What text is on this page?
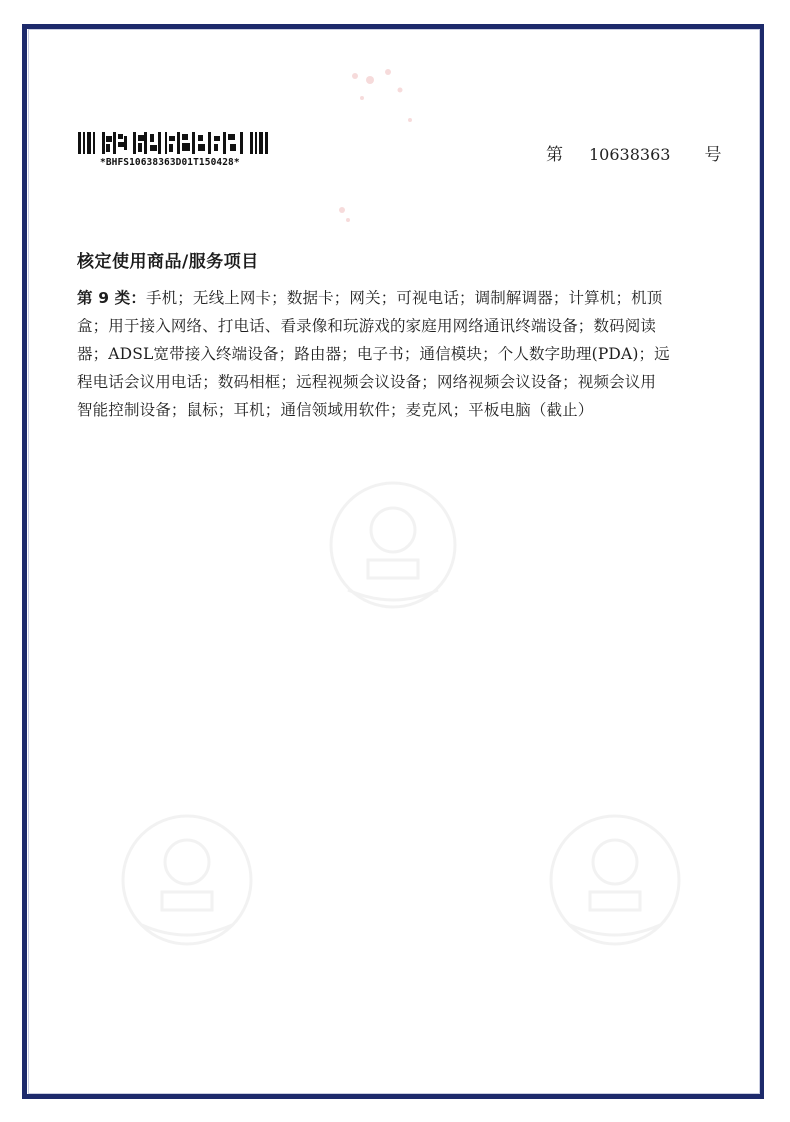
*BHFS10638363D01T150428*	第 10638363 号
核定使用商品/服务项目
第 9 类：手机；无线上网卡；数据卡；网关；可视电话；调制解调器；计算机；机顶
盒；用于接入网络、打电话、看录像和玩游戏的家庭用网络通讯终端设备；数码阅读
器；ADSL宽带接入终端设备；路由器；电子书；通信模块；个人数字助理(PDA)；远
程电话会议用电话；数码相框；远程视频会议设备；网络视频会议设备；视频会议用
智能控制设备；鼠标；耳机；通信领域用软件；麦克风；平板电脑（截止）
